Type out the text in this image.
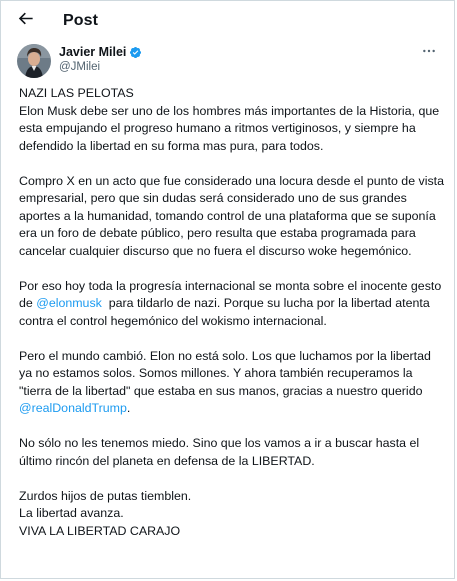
Post
Javier Milei
@JMilei

NAZI LAS PELOTAS
Elon Musk debe ser uno de los hombres más importantes de la Historia, que esta empujando el progreso humano a ritmos vertiginosos, y siempre ha defendido la libertad en su forma mas pura, para todos.

Compro X en un acto que fue considerado una locura desde el punto de vista empresarial, pero que sin dudas será considerado uno de sus grandes aportes a la humanidad, tomando control de una plataforma que se suponía era un foro de debate público, pero resulta que estaba programada para cancelar cualquier discurso que no fuera el discurso woke hegemónico.

Por eso hoy toda la progresía internacional se monta sobre el inocente gesto de @elonmusk  para tildarlo de nazi. Porque su lucha por la libertad atenta contra el control hegemónico del wokismo internacional.

Pero el mundo cambió. Elon no está solo. Los que luchamos por la libertad ya no estamos solos. Somos millones. Y ahora también recuperamos la "tierra de la libertad" que estaba en sus manos, gracias a nuestro querido @realDonaldTrump.

No sólo no les tenemos miedo. Sino que los vamos a ir a buscar hasta el último rincón del planeta en defensa de la LIBERTAD.

Zurdos hijos de putas tiemblen.
La libertad avanza.
VIVA LA LIBERTAD CARAJO
